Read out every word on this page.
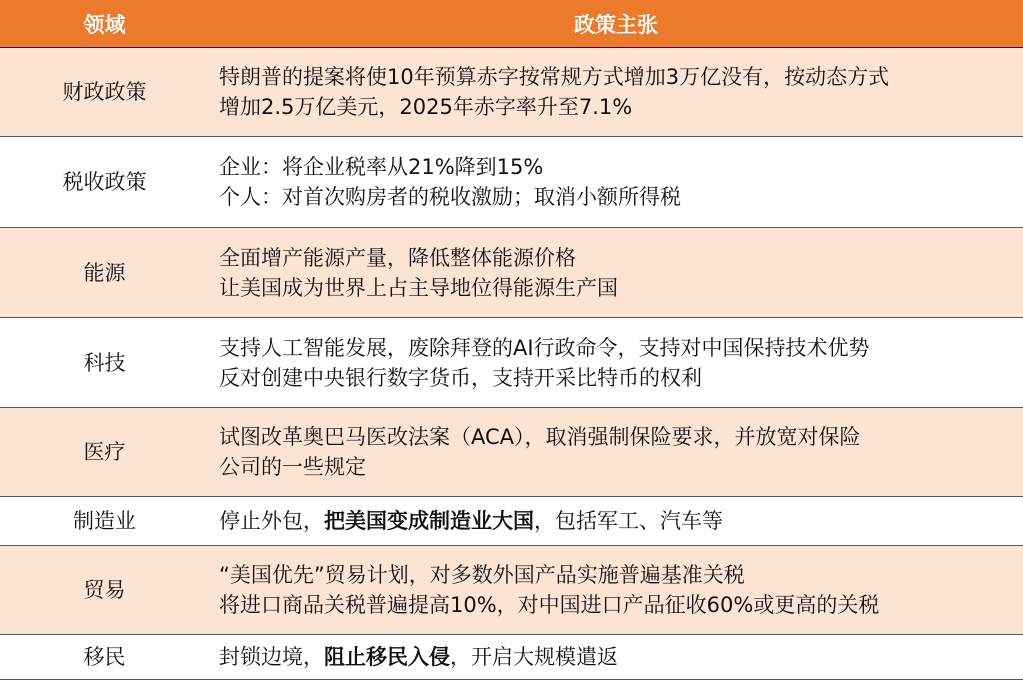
领域	政策主张
财政政策	特朗普的提案将使10年预算赤字按常规方式增加3万亿没有，按动态方式
增加2.5万亿美元，2025年赤字率升至7.1%

税收政策	企业：将企业税率从21%降到15%
个人：对首次购房者的税收激励；取消小额所得税

能源	全面增产能源产量，降低整体能源价格
让美国成为世界上占主导地位得能源生产国

科技	支持人工智能发展，废除拜登的AI行政命令，支持对中国保持技术优势
反对创建中央银行数字货币，支持开采比特币的权利

医疗	试图改革奥巴马医改法案（ACA），取消强制保险要求，并放宽对保险
公司的一些规定

制造业	停止外包，把美国变成制造业大国，包括军工、汽车等

贸易	“美国优先”贸易计划，对多数外国产品实施普遍基准关税
将进口商品关税普遍提高10%，对中国进口产品征收60%或更高的关税

移民	封锁边境，阻止移民入侵，开启大规模遣返
